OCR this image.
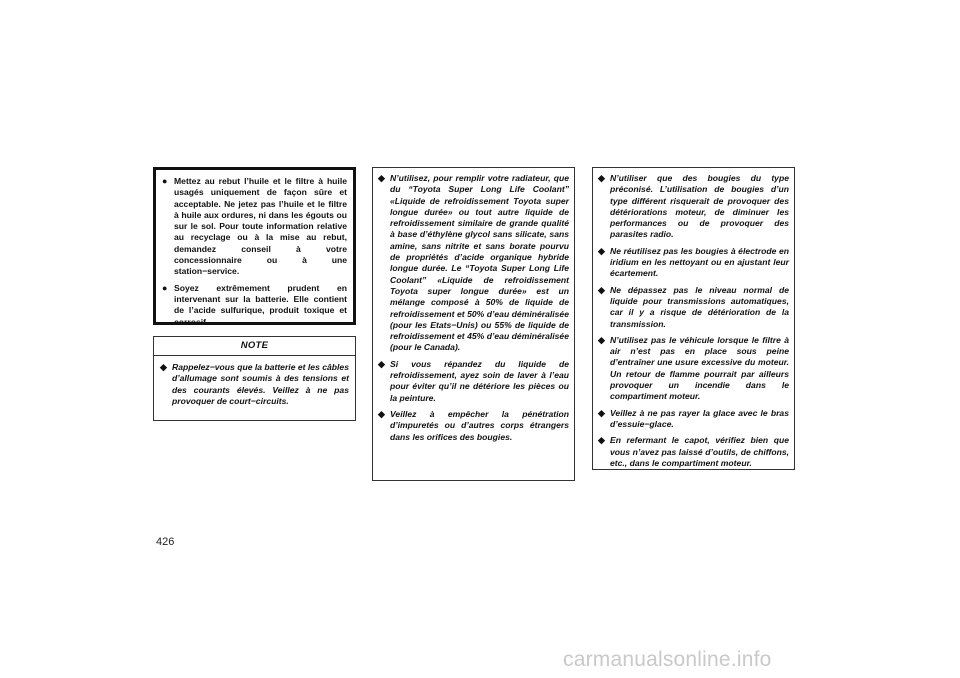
● Mettez au rebut l’huile et le filtre à huile usagés uniquement de façon sûre et acceptable. Ne jetez pas l’huile et le filtre à huile aux ordures, ni dans les égouts ou sur le sol. Pour toute information relative au recyclage ou à la mise au rebut, demandez conseil à votre concessionnaire ou à une station−service.
● Soyez extrêmement prudent en intervenant sur la batterie. Elle contient de l’acide sulfurique, produit toxique et corrosif.
NOTE
◆ Rappelez−vous que la batterie et les câbles d’allumage sont soumis à des tensions et des courants élevés. Veillez à ne pas provoquer de court−circuits.
◆ N’utilisez, pour remplir votre radiateur, que du “Toyota Super Long Life Coolant” «Liquide de refroidissement Toyota super longue durée» ou tout autre liquide de refroidissement similaire de grande qualité à base d’éthylène glycol sans silicate, sans amine, sans nitrite et sans borate pourvu de propriétés d’acide organique hybride longue durée. Le “Toyota Super Long Life Coolant” «Liquide de refroidissement Toyota super longue durée» est un mélange composé à 50% de liquide de refroidissement et 50% d’eau déminéralisée (pour les Etats−Unis) ou 55% de liquide de refroidissement et 45% d’eau déminéralisée (pour le Canada).
◆ Si vous répandez du liquide de refroidissement, ayez soin de laver à l’eau pour éviter qu’il ne détériore les pièces ou la peinture.
◆ Veillez à empêcher la pénétration d’impuretés ou d’autres corps étrangers dans les orifices des bougies.
◆ N’utiliser que des bougies du type préconisé. L’utilisation de bougies d’un type différent risquerait de provoquer des détériorations moteur, de diminuer les performances ou de provoquer des parasites radio.
◆ Ne réutilisez pas les bougies à électrode en iridium en les nettoyant ou en ajustant leur écartement.
◆ Ne dépassez pas le niveau normal de liquide pour transmissions automatiques, car il y a risque de détérioration de la transmission.
◆ N’utilisez pas le véhicule lorsque le filtre à air n’est pas en place sous peine d’entraîner une usure excessive du moteur. Un retour de flamme pourrait par ailleurs provoquer un incendie dans le compartiment moteur.
◆ Veillez à ne pas rayer la glace avec le bras d’essuie−glace.
◆ En refermant le capot, vérifiez bien que vous n’avez pas laissé d’outils, de chiffons, etc., dans le compartiment moteur.
426
carmanualsonline.info
